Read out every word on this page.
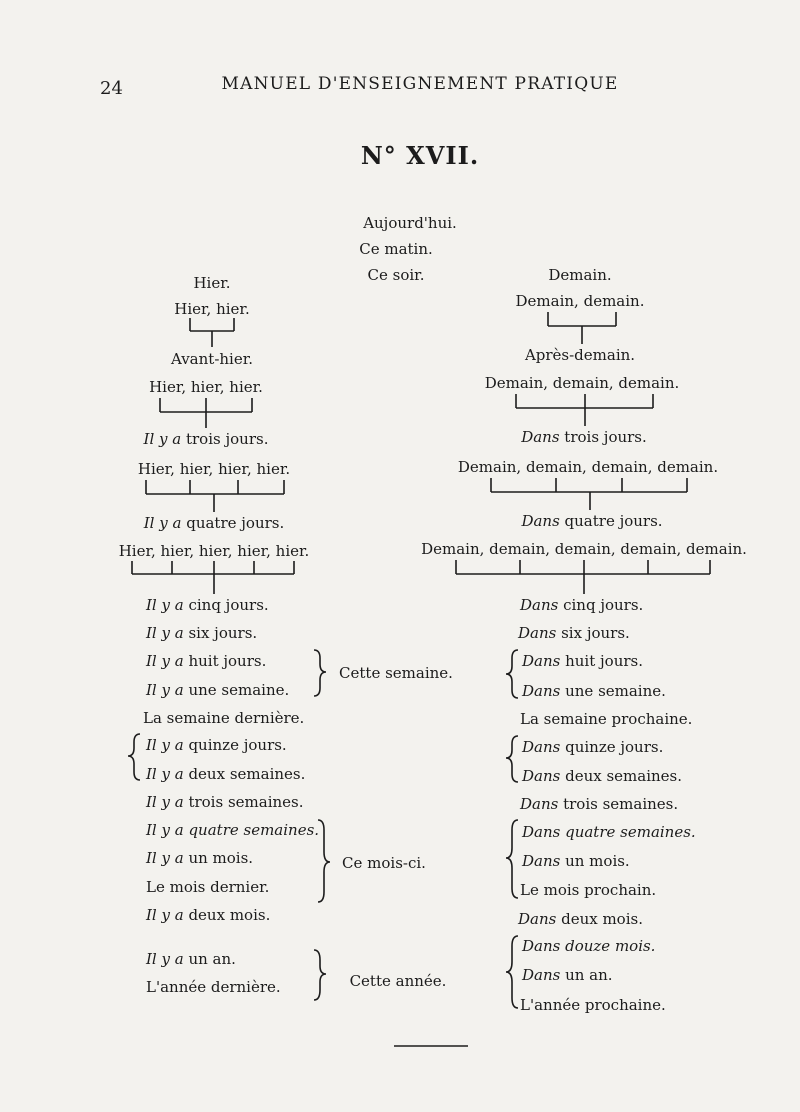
24	MANUEL D'ENSEIGNEMENT PRATIQUE
N° XVII.
Aujourd'hui.
Ce matin.
Ce soir.
Cette semaine.
Ce mois-ci.
Cette année.
Hier.
Hier, hier.
Avant-hier.
Hier, hier, hier.
Il y a trois jours.
Hier, hier, hier, hier.
Il y a quatre jours.
Hier, hier, hier, hier, hier.
Il y a cinq jours.
Il y a six jours.
Il y a huit jours.
Il y a une semaine.
La semaine dernière.
Il y a quinze jours.
Il y a deux semaines.
Il y a trois semaines.
Il y a quatre semaines.
Il y a un mois.
Le mois dernier.
Il y a deux mois.
Il y a un an.
L'année dernière.
Demain.
Demain, demain.
Après-demain.
Demain, demain, demain.
Dans trois jours.
Demain, demain, demain, demain.
Dans quatre jours.
Demain, demain, demain, demain, demain.
Dans cinq jours.
Dans six jours.
Dans huit jours.
Dans une semaine.
La semaine prochaine.
Dans quinze jours.
Dans deux semaines.
Dans trois semaines.
Dans quatre semaines.
Dans un mois.
Le mois prochain.
Dans deux mois.
Dans douze mois.
Dans un an.
L'année prochaine.
